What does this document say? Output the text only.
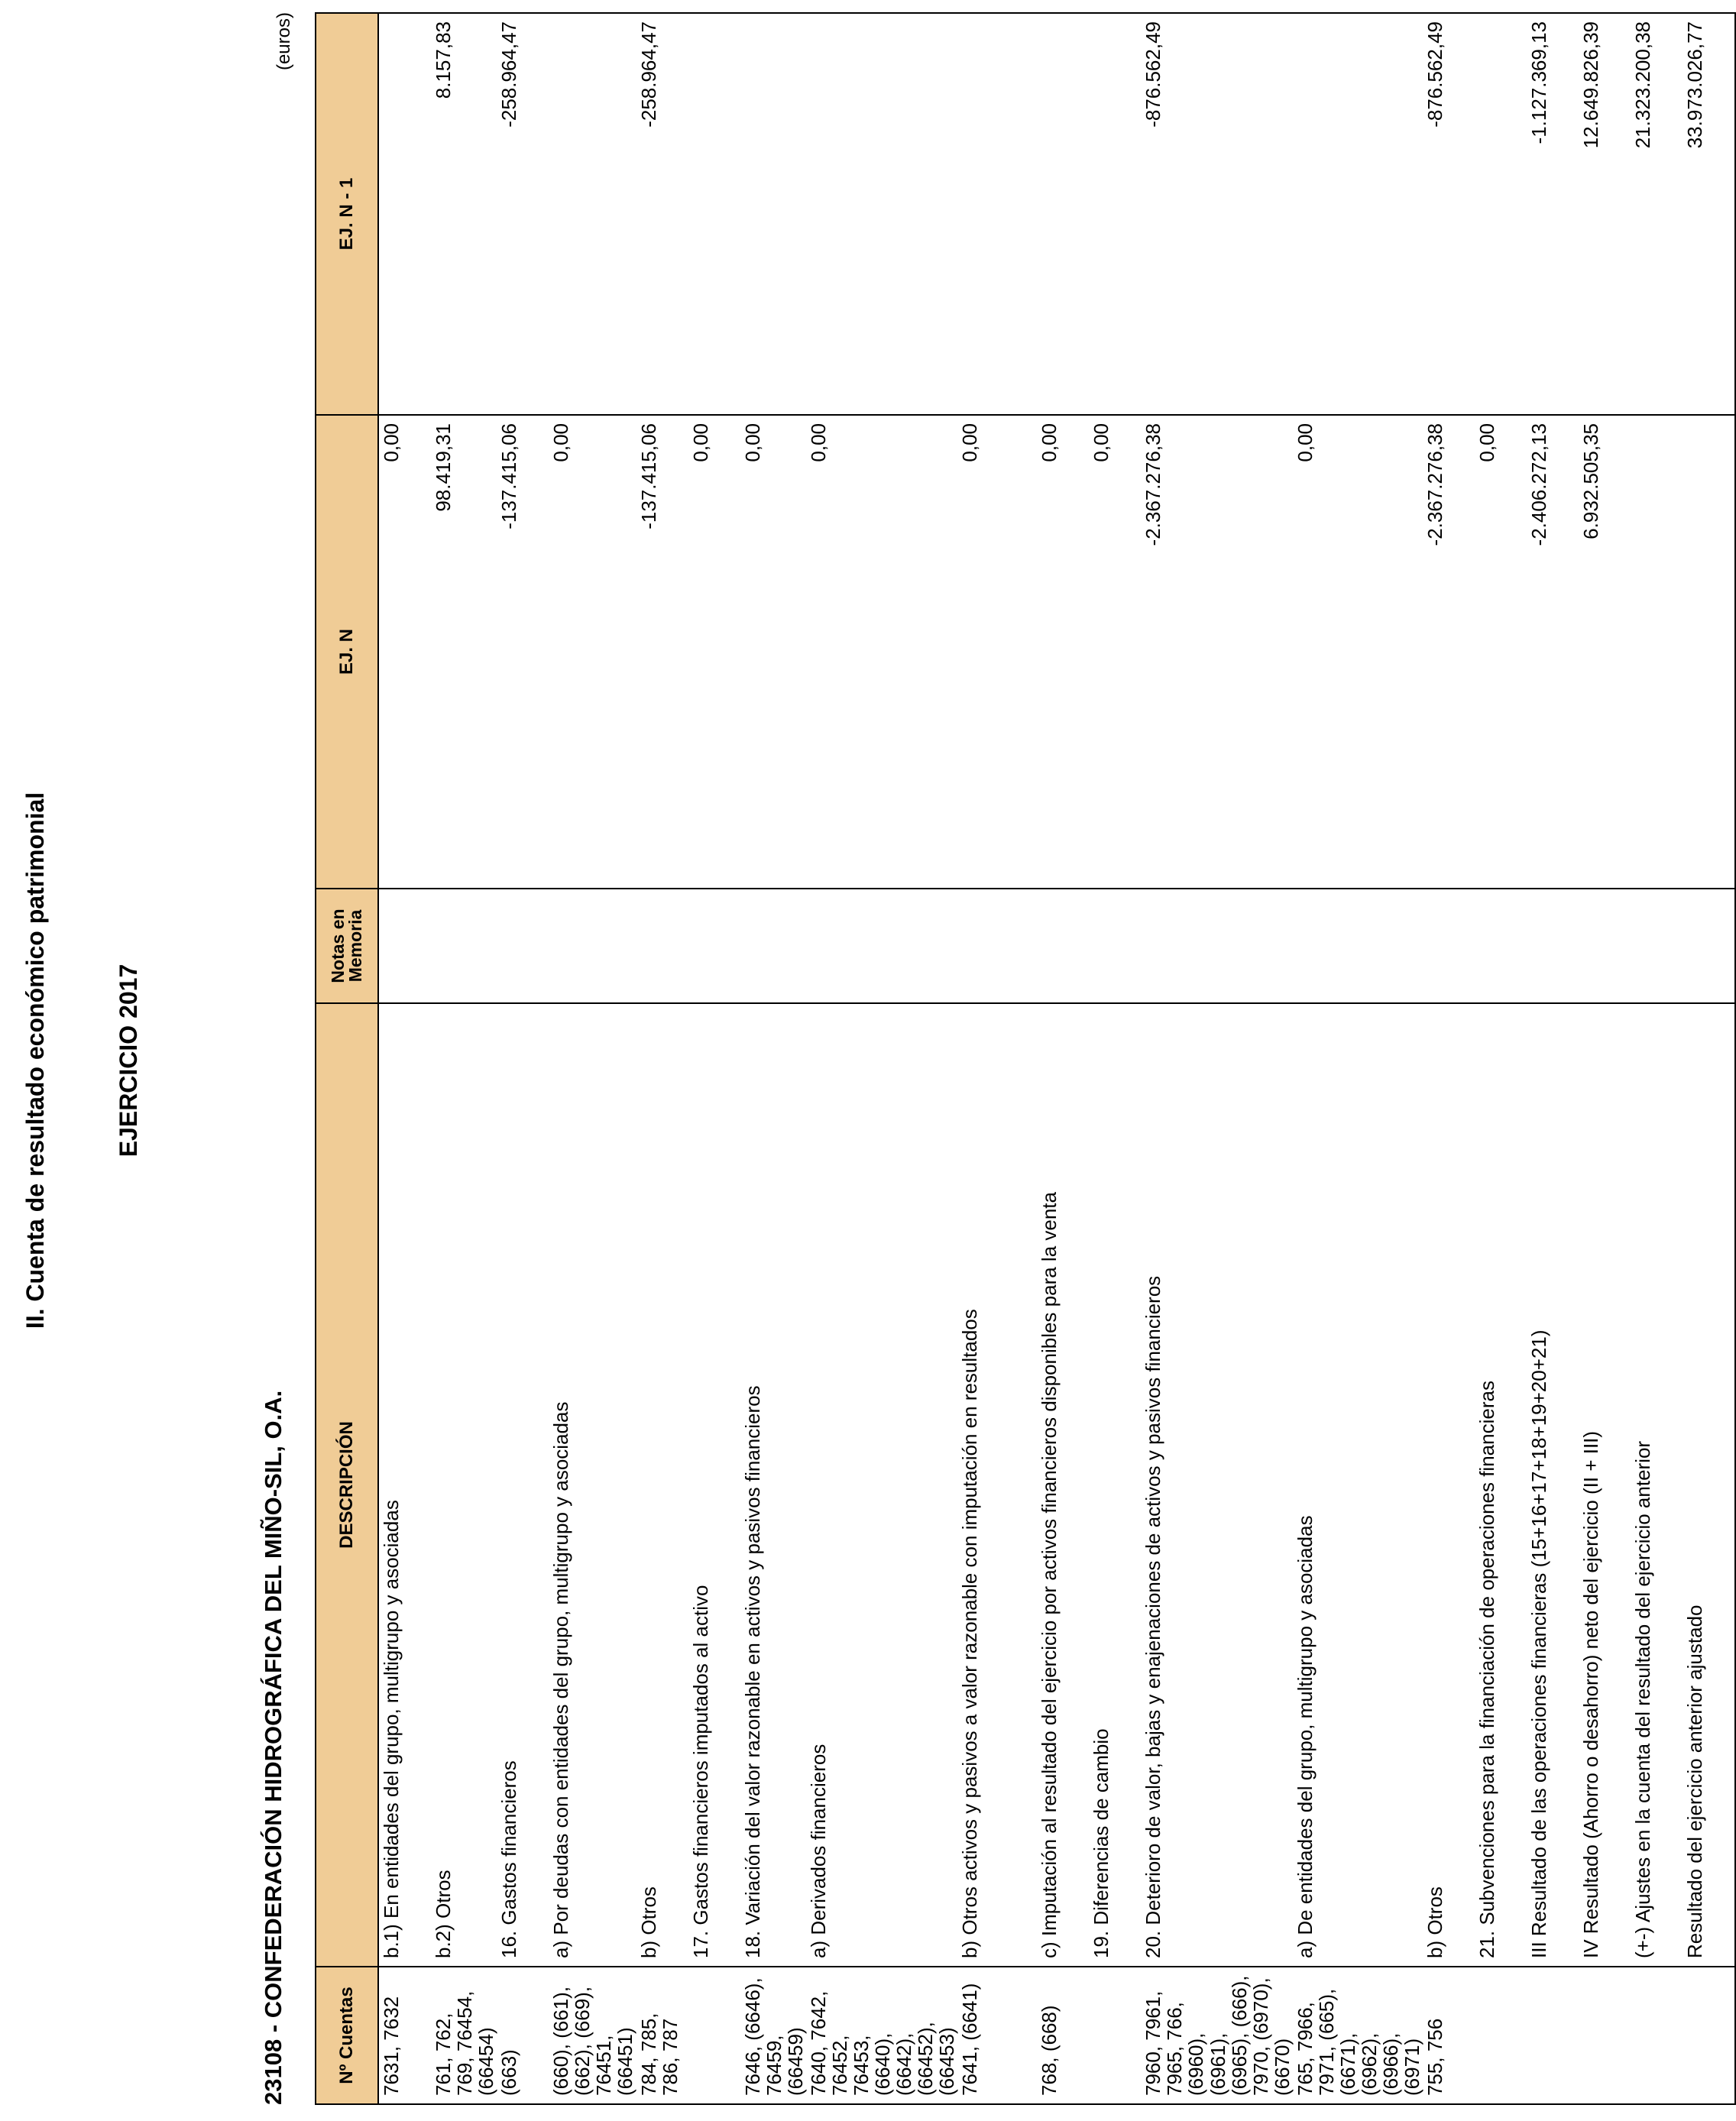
II. Cuenta de resultado económico patrimonial	EJERCICIO 2017
23108 - CONFEDERACIÓN HIDROGRÁFICA DEL MIÑO-SIL, O.A.
(euros)
Nº Cuentas	DESCRIPCIÓN	Notas en Memoria	EJ. N	EJ. N - 1
7631, 7632	b.1) En entidades del grupo, multigrupo y asociadas		0,00	
761, 762, 769, 76454, (66454)	b.2) Otros		98.419,31	8.157,83
(663)	16. Gastos financieros		-137.415,06	-258.964,47
(660), (661), (662), (669), 76451, (66451)	a) Por deudas con entidades del grupo, multigrupo y asociadas		0,00	
784, 785, 786, 787	b) Otros		-137.415,06	-258.964,47
	17. Gastos financieros imputados al activo		0,00	
7646, (6646), 76459, (66459)	18. Variación del valor razonable en activos y pasivos financieros		0,00	
7640, 7642, 76452, 76453, (6640), (6642), (66452), (66453)	a) Derivados financieros		0,00	
7641, (6641)	b) Otros activos y pasivos a valor razonable con imputación en resultados		0,00	
768, (668)	c) Imputación al resultado del ejercicio por activos financieros disponibles para la venta		0,00	
	19. Diferencias de cambio		0,00	
7960, 7961, 7965, 766, (6960), (6961), (6965), (666), 7970, (6970), (6670)	20. Deterioro de valor, bajas y enajenaciones de activos y pasivos financieros		-2.367.276,38	-876.562,49
765, 7966, 7971, (665), (6671), (6962), (6966), (6971)	a) De entidades del grupo, multigrupo y asociadas		0,00	
755, 756	b) Otros		-2.367.276,38	-876.562,49
	21. Subvenciones para la financiación de operaciones financieras		0,00	
	III Resultado de las operaciones financieras (15+16+17+18+19+20+21)		-2.406.272,13	-1.127.369,13
	IV Resultado (Ahorro o desahorro) neto del ejercicio (II + III)		6.932.505,35	12.649.826,39
	(+-) Ajustes en la cuenta del resultado del ejercicio anterior			21.323.200,38
	Resultado del ejercicio anterior ajustado			33.973.026,77
